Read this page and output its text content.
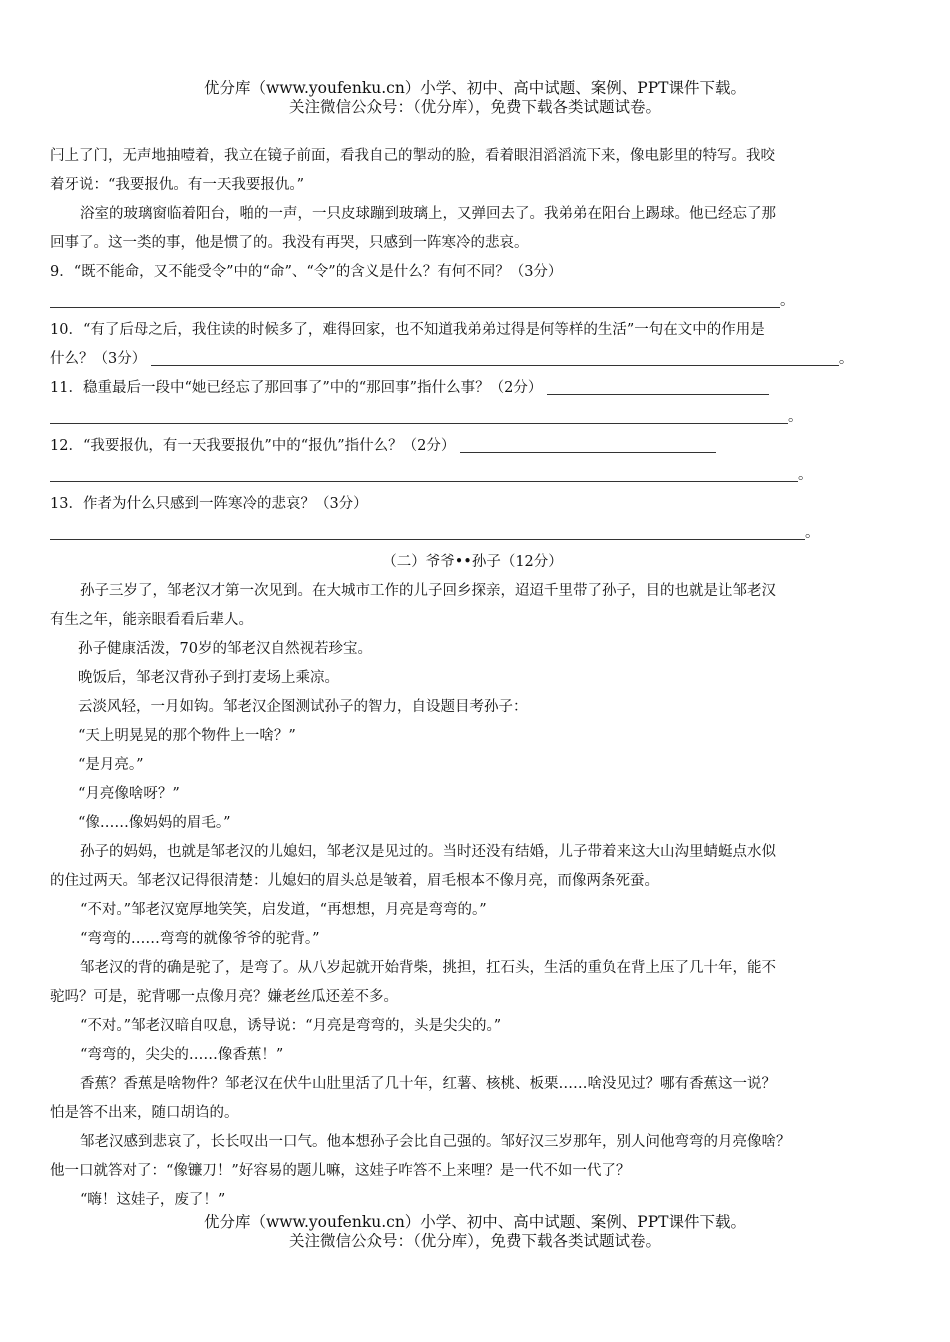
优分库（www.youfenku.cn）小学、初中、高中试题、案例、PPT课件下载。
关注微信公众号：（优分库），免费下载各类试题试卷。

闩上了门，无声地抽噎着，我立在镜子前面，看我自己的掣动的脸，看着眼泪滔滔流下来，像电影里的特写。我咬

着牙说：“我要报仇。有一天我要报仇。”

浴室的玻璃窗临着阳台，啪的一声，一只皮球蹦到玻璃上，又弹回去了。我弟弟在阳台上踢球。他已经忘了那

回事了。这一类的事，他是惯了的。我没有再哭，只感到一阵寒冷的悲哀。

9．“既不能命，又不能受令”中的“命”、“令”的含义是什么？有何不同？（3分）

。

10．“有了后母之后，我住读的时候多了，难得回家，也不知道我弟弟过得是何等样的生活”一句在文中的作用是

什么？（3分）	。

11．稳重最后一段中“她已经忘了那回事了”中的“那回事”指什么事？（2分）

。

12．“我要报仇，有一天我要报仇”中的“报仇”指什么？（2分）

。

13．作者为什么只感到一阵寒冷的悲哀？（3分）

。

（二）爷爷••孙子（12分）

孙子三岁了，邹老汉才第一次见到。在大城市工作的儿子回乡探亲，迢迢千里带了孙子，目的也就是让邹老汉

有生之年，能亲眼看看后辈人。

孙子健康活泼，70岁的邹老汉自然视若珍宝。

晚饭后，邹老汉背孙子到打麦场上乘凉。

云淡风轻，一月如钩。邹老汉企图测试孙子的智力，自设题目考孙子：

“天上明晃晃的那个物件上一啥？”

“是月亮。”

“月亮像啥呀？”

“像……像妈妈的眉毛。”

孙子的妈妈，也就是邹老汉的儿媳妇，邹老汉是见过的。当时还没有结婚，儿子带着来这大山沟里蜻蜓点水似

的住过两天。邹老汉记得很清楚：儿媳妇的眉头总是皱着，眉毛根本不像月亮，而像两条死蚕。

“不对。”邹老汉宽厚地笑笑，启发道，“再想想，月亮是弯弯的。”

“弯弯的……弯弯的就像爷爷的驼背。”

邹老汉的背的确是驼了，是弯了。从八岁起就开始背柴，挑担，扛石头，生活的重负在背上压了几十年，能不

驼吗？可是，驼背哪一点像月亮？嫌老丝瓜还差不多。

“不对。”邹老汉暗自叹息，诱导说：“月亮是弯弯的，头是尖尖的。”

“弯弯的，尖尖的……像香蕉！”

香蕉？香蕉是啥物件？邹老汉在伏牛山肚里活了几十年，红薯、核桃、板栗……啥没见过？哪有香蕉这一说？

怕是答不出来，随口胡诌的。

邹老汉感到悲哀了，长长叹出一口气。他本想孙子会比自己强的。邹好汉三岁那年，别人问他弯弯的月亮像啥？

他一口就答对了：“像镰刀！”好容易的题儿嘛，这娃子咋答不上来哩？是一代不如一代了？

“嗨！这娃子，废了！”

优分库（www.youfenku.cn）小学、初中、高中试题、案例、PPT课件下载。
关注微信公众号：（优分库），免费下载各类试题试卷。
